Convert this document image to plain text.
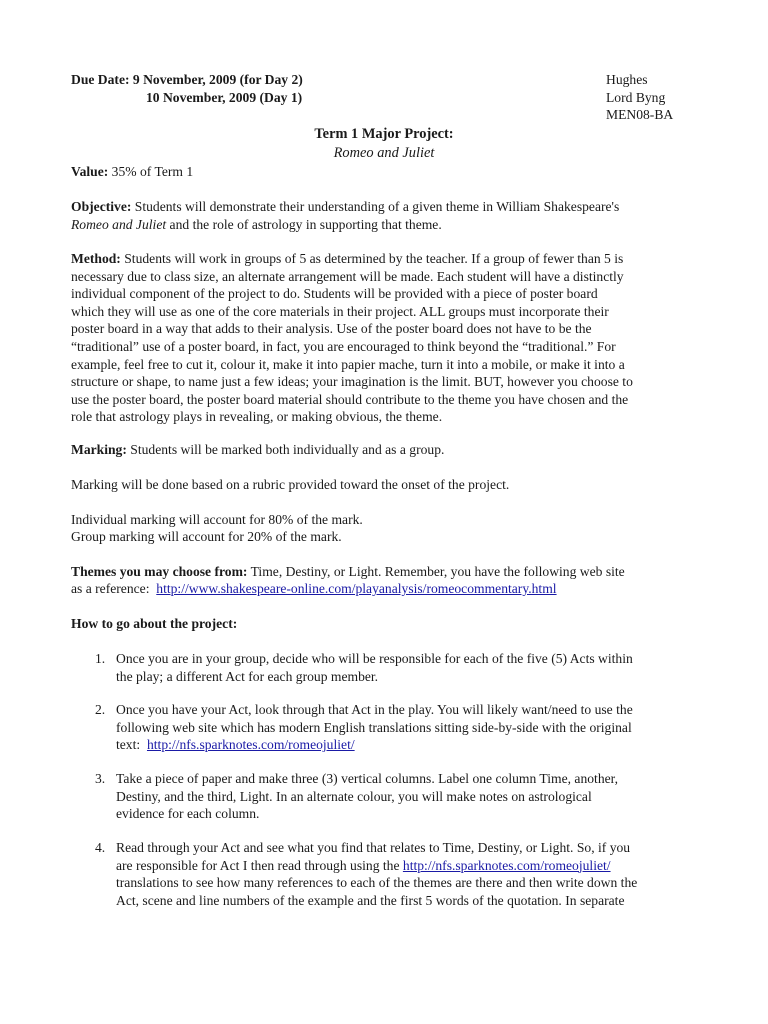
Due Date: 9 November, 2009 (for Day 2)
10 November, 2009 (Day 1)
Hughes
Lord Byng
MEN08-BA
Term 1 Major Project:
Romeo and Juliet
Value: 35% of Term 1

Objective: Students will demonstrate their understanding of a given theme in William Shakespeare's

Romeo and Juliet and the role of astrology in supporting that theme.

Method: Students will work in groups of 5 as determined by the teacher. If a group of fewer than 5 is

necessary due to class size, an alternate arrangement will be made. Each student will have a distinctly

individual component of the project to do. Students will be provided with a piece of poster board

which they will use as one of the core materials in their project. ALL groups must incorporate their

poster board in a way that adds to their analysis. Use of the poster board does not have to be the

“traditional” use of a poster board, in fact, you are encouraged to think beyond the “traditional.” For

example, feel free to cut it, colour it, make it into papier mache, turn it into a mobile, or make it into a

structure or shape, to name just a few ideas; your imagination is the limit. BUT, however you choose to

use the poster board, the poster board material should contribute to the theme you have chosen and the

role that astrology plays in revealing, or making obvious, the theme.

Marking: Students will be marked both individually and as a group.
Marking will be done based on a rubric provided toward the onset of the project.
Individual marking will account for 80% of the mark.
Group marking will account for 20% of the mark.
Themes you may choose from: Time, Destiny, or Light. Remember, you have the following web site
as a reference: http://www.shakespeare-online.com/playanalysis/romeocommentary.html
How to go about the project:
1. Once you are in your group, decide who will be responsible for each of the five (5) Acts within
the play; a different Act for each group member.
2. Once you have your Act, look through that Act in the play. You will likely want/need to use the
following web site which has modern English translations sitting side-by-side with the original
text: http://nfs.sparknotes.com/romeojuliet/
3. Take a piece of paper and make three (3) vertical columns. Label one column Time, another,
Destiny, and the third, Light. In an alternate colour, you will make notes on astrological
evidence for each column.
4. Read through your Act and see what you find that relates to Time, Destiny, or Light. So, if you
are responsible for Act I then read through using the http://nfs.sparknotes.com/romeojuliet/
translations to see how many references to each of the themes are there and then write down the
Act, scene and line numbers of the example and the first 5 words of the quotation. In separate
